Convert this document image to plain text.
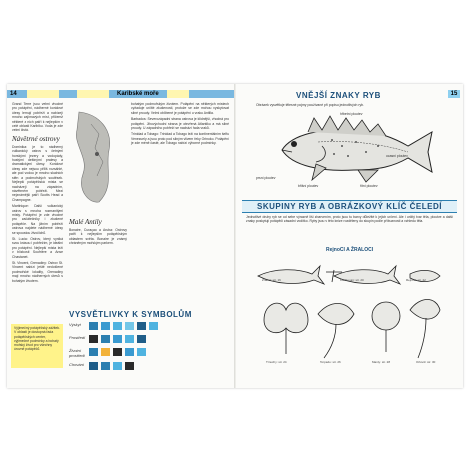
14	Karibské moře
Grand Terre jsou velmi vhodné pro potápění, nádherné korálové útesy lemují pobřeží a nabízejí mnoho zajímavých míst, přičemž některé z nich patří k nejlepším v celé oblasti Karibiku. Voda je zde velmi čistá.
Návětrné ostrovy
Dominika: je to nádherný vulkanický ostrov s četnými horskými jezery a vodopády, hustými deštnými pralesy a dramatickými útesy. Korálové útesy zde nejsou příliš rozsáhlé, ale pod vodou je mnoho skalních stěn a podmořských soutěsek. Nejlepší potápěčská místa se nacházejí na západním, návětrném pobřeží. Mezi nejznámější patří Scotts Head a Champagne.
Martinique: Další vulkanický ostrov s mnoha rozmanitými místy. Potápění je zde vhodné pro začátečníky i zkušené potápěče. Na jižním pobřeží ostrova najdete nádherné útesy se spoustou živočichů.
St. Lucia: Ostrov, který vyniká svou krásou i pobřežím, je ideální pro potápění. Nejlepší místa leží v blízkosti Soufrière a Anse Chastanet.
St. Vincent, Grenadiny: Ostrov St. Vincent nabízí ještě nedotčené podmořské lokality, Grenadiny mají mnoho nádherných útesů s bohatým životem.
bohatým podmořským životem. Potápění na některých místech vyžaduje určité zkušenosti, protože se zde mohou vyskytovat silné proudy. Velmi oblíbené je potápění u vraku Antilla.
Barbados: Severozápadní strana ostrova je klidnější, vhodná pro potápění. Jihovýchodní strana je otevřená Atlantiku a má silné proudy. U západního pobřeží se nachází řada vraků.
Trinidad a Tobago: Trinidad a Tobago leží na kontinentálním šelfu Venezuely a jsou proto pod silným vlivem řeky Orinoko. Potápění je zde méně časté, ale Tobago nabízí výborné podmínky.
Malé Antily
Bonaire, Curaçao a Aruba: Ostrovy patří k nejlepším potápěčským oblastem světa. Bonaire je známý chráněným mořským parkem.
VYSVĚTLIVKY K SYMBOLŮM
Výjimečný potápěčský zážitek. V oblasti je dostupná řada potápěčských center, výjimečné podmínky a bohatý mořský život pro všechny úrovně potápěčů.
Výskyt
Prostředí
Životní prostředí
Chování
SVOJTKA&CO.
NAKLADATELSTVÍ
15
VNĚJŠÍ ZNAKY RYB
Obrázek vysvětluje tělesné pojmy používané při popisu jednotlivých ryb.
ocasní ploutev
hřbetní ploutev
řitní ploutev
břišní ploutev
prsní ploutev
SKUPINY RYB A OBRÁZKOVÝ KLÍČ ČELEDÍ
Jednotlivé druhy ryb se od sebe výrazně liší zbarvením, proto jsou tu barvy důležité k jejich určení. Ale i určitý tvar těla, ploutve a další znaky poskytují potápěči zásadní vodítko. Ryby jsou v této knize rozděleny do skupin podle příbuznosti a vzhledu těla.
RejnoCI A ŽRALOCI
Žraloci: str. 16	Kladivouni: str. 20	Rejnoci: str. 22
Trnuchy: str. 24	Torpédo: str. 26	Manty: str. 28	Orlovití: str. 30
